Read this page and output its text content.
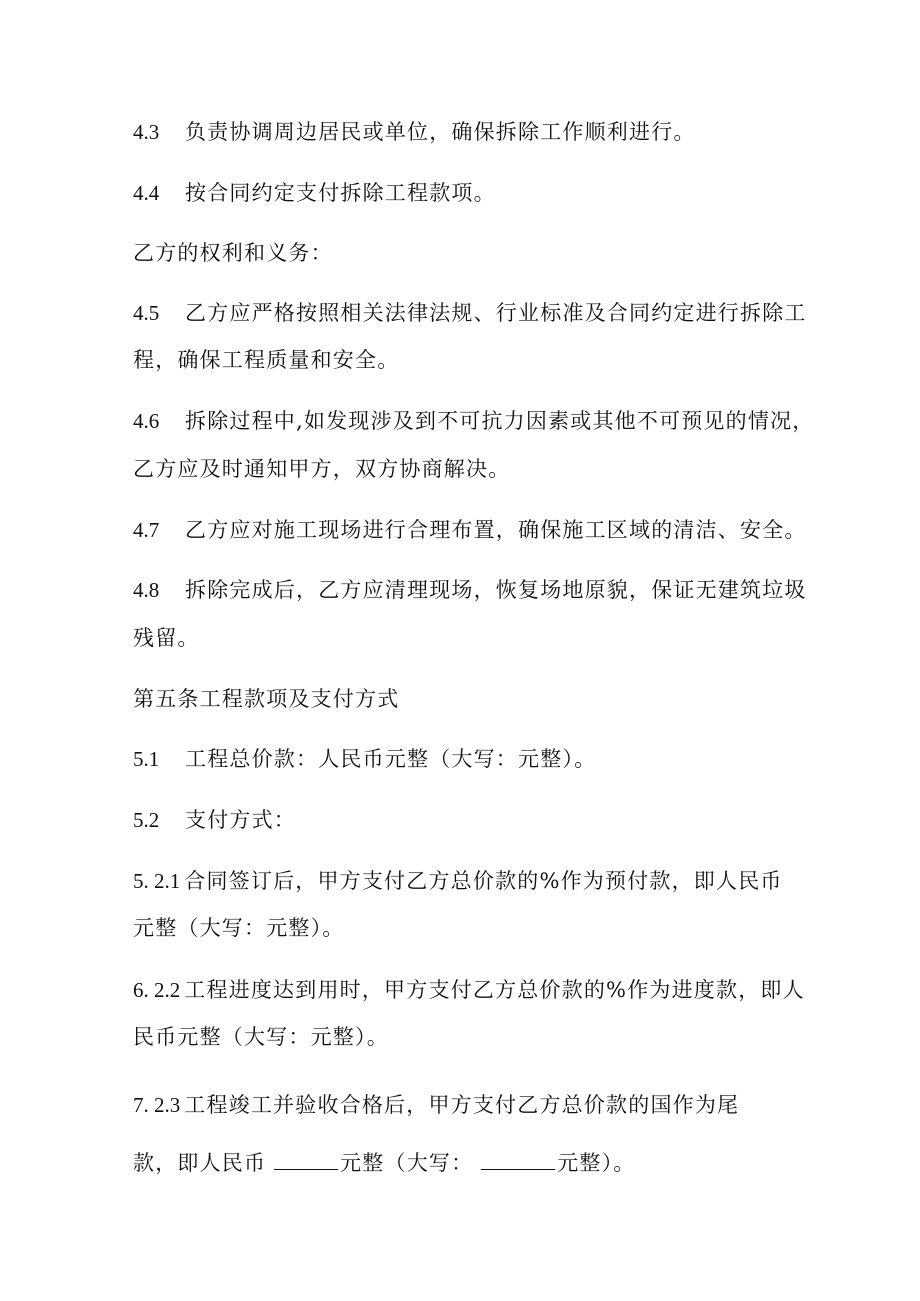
4.3 负责协调周边居民或单位，确保拆除工作顺利进行。
4.4 按合同约定支付拆除工程款项。
乙方的权利和义务：
4.5 乙方应严格按照相关法律法规、行业标准及合同约定进行拆除工
程，确保工程质量和安全。
4.6 拆除过程中,如发现涉及到不可抗力因素或其他不可预见的情况，
乙方应及时通知甲方，双方协商解决。
4.7 乙方应对施工现场进行合理布置，确保施工区域的清洁、安全。
4.8 拆除完成后，乙方应清理现场，恢复场地原貌，保证无建筑垃圾
残留。
第五条工程款项及支付方式
5.1 工程总价款：人民币元整（大写：元整）。
5.2 支付方式：
5. 2.1 合同签订后，甲方支付乙方总价款的%作为预付款，即人民币
元整（大写：元整）。
6. 2.2 工程进度达到用时，甲方支付乙方总价款的%作为进度款，即人
民币元整（大写：元整）。
7. 2.3 工程竣工并验收合格后，甲方支付乙方总价款的国作为尾
款，即人民币	元整（大写：	元整）。
